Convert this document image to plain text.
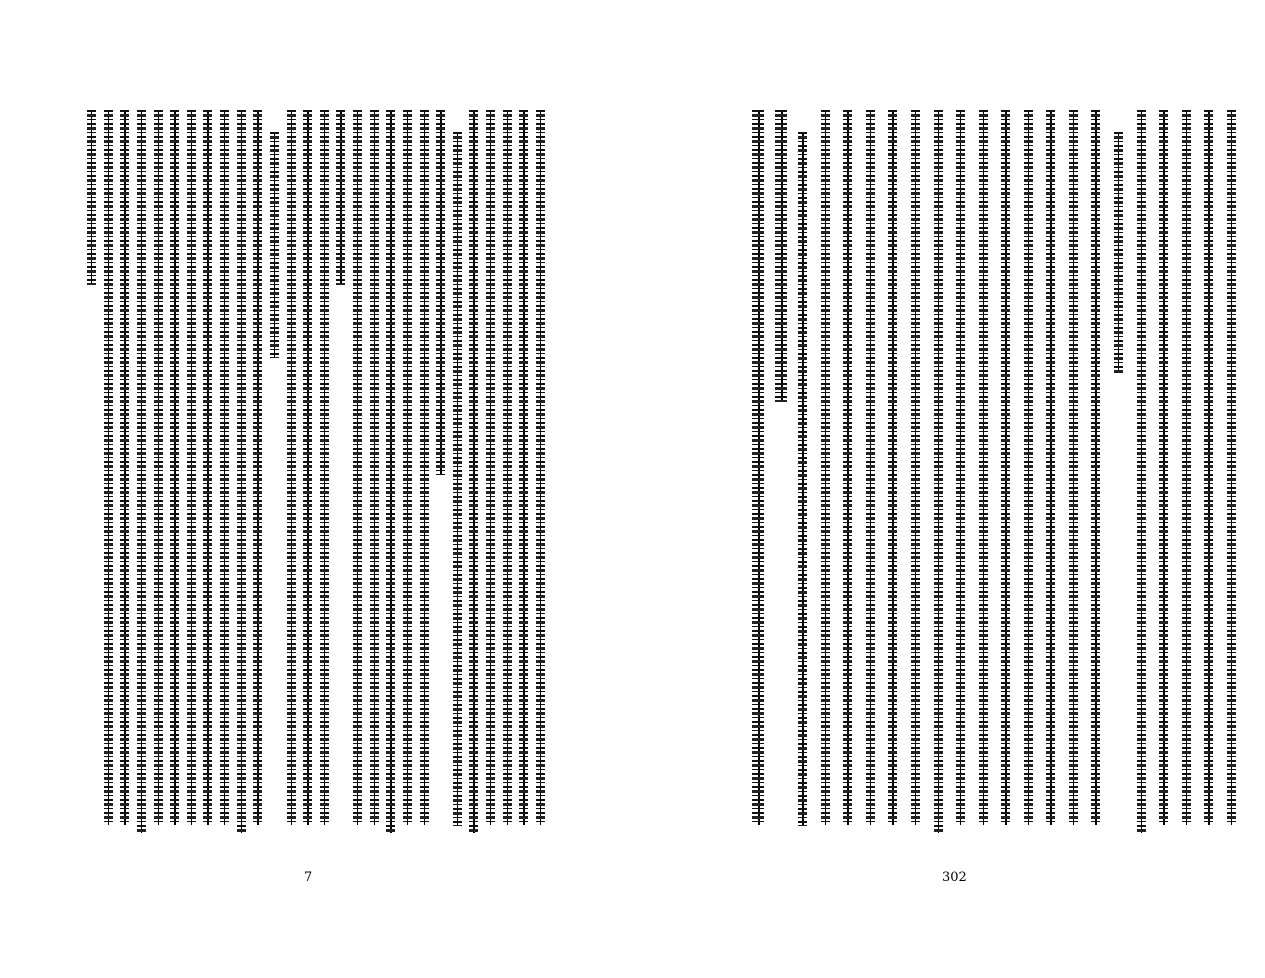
7	302
